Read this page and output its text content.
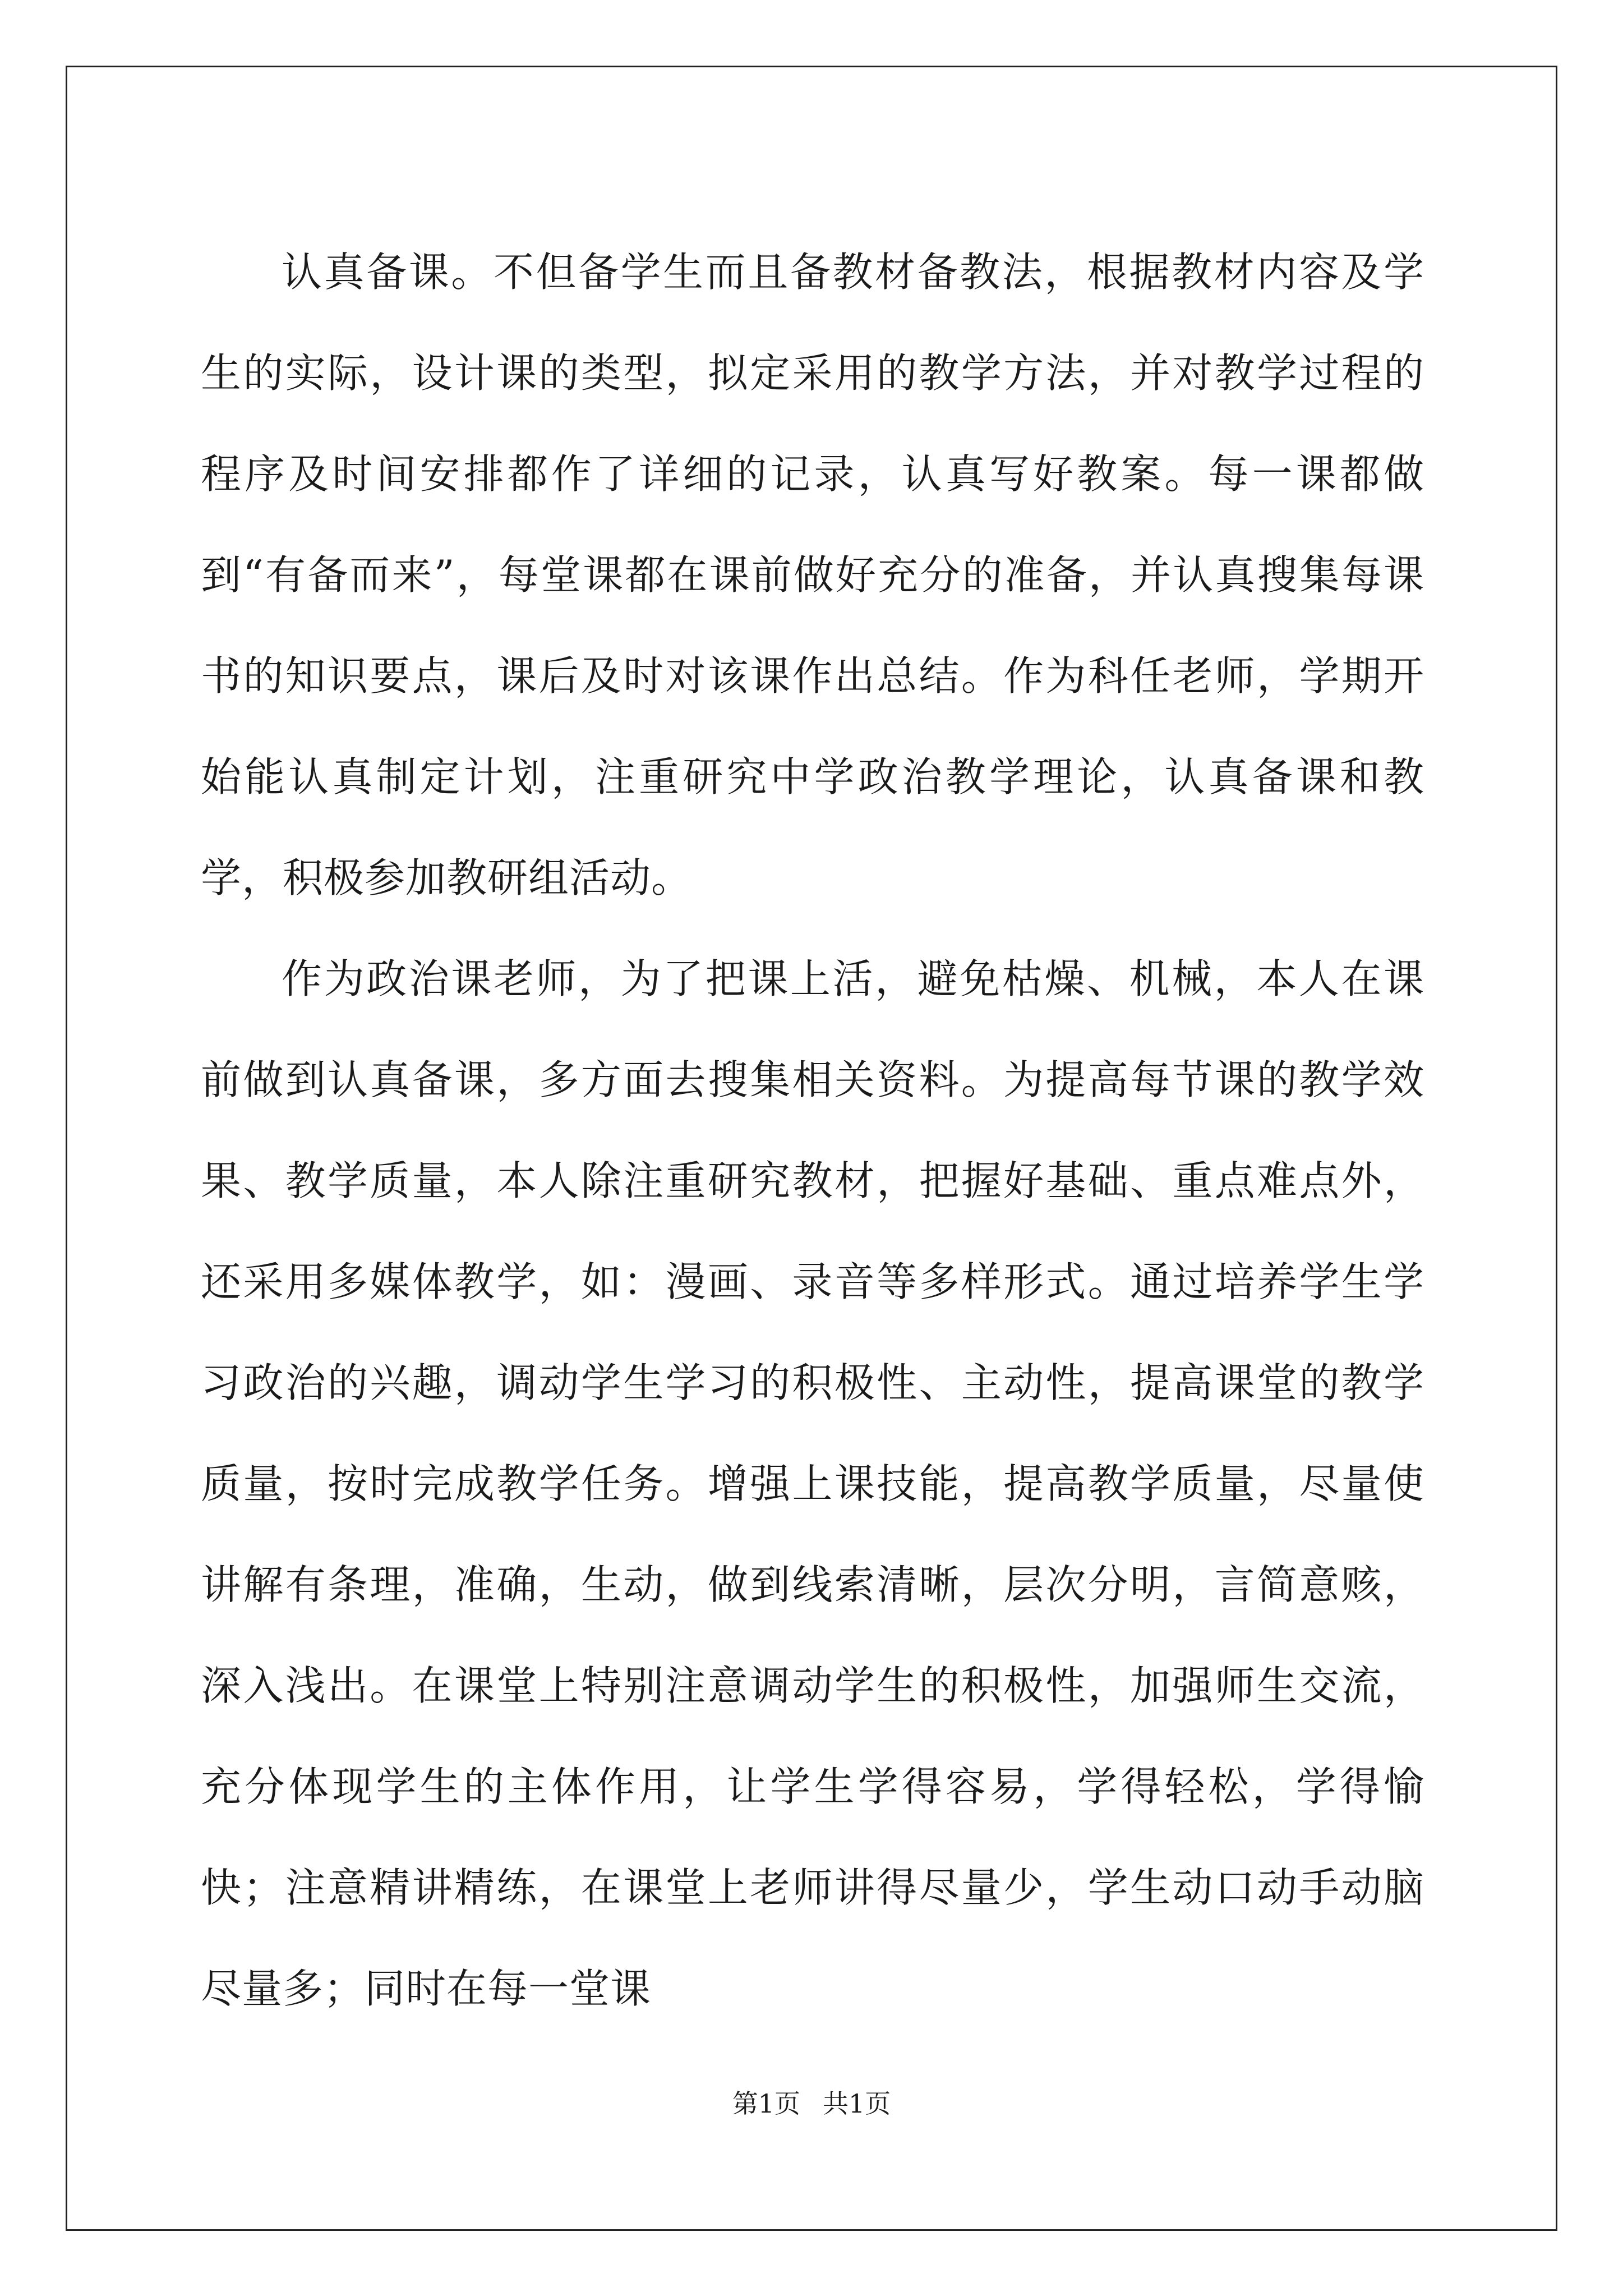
认真备课。不但备学生而且备教材备教法，根据教材内容及学生的实际，设计课的类型，拟定采用的教学方法，并对教学过程的程序及时间安排都作了详细的记录，认真写好教案。每一课都做到“有备而来”，每堂课都在课前做好充分的准备，并认真搜集每课书的知识要点，课后及时对该课作出总结。作为科任老师，学期开始能认真制定计划，注重研究中学政治教学理论，认真备课和教学，积极参加教研组活动。

作为政治课老师，为了把课上活，避免枯燥、机械，本人在课前做到认真备课，多方面去搜集相关资料。为提高每节课的教学效果、教学质量，本人除注重研究教材，把握好基础、重点难点外，还采用多媒体教学，如：漫画、录音等多样形式。通过培养学生学习政治的兴趣，调动学生学习的积极性、主动性，提高课堂的教学质量，按时完成教学任务。增强上课技能，提高教学质量，尽量使讲解有条理，准确，生动，做到线索清晰，层次分明，言简意赅，深入浅出。在课堂上特别注意调动学生的积极性，加强师生交流，充分体现学生的主体作用，让学生学得容易，学得轻松，学得愉快；注意精讲精练，在课堂上老师讲得尽量少，学生动口动手动脑尽量多；同时在每一堂课

第1页 共1页
